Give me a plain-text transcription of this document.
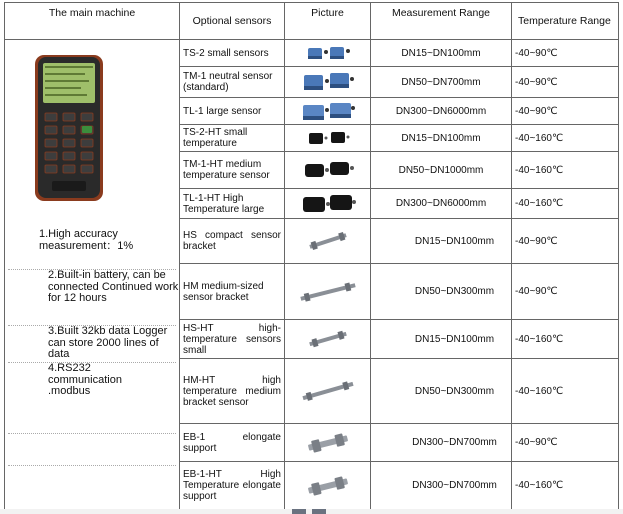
The main machine	Optional sensors	Picture	Measurement Range	Temperature Range

1.High accuracy measurement：1%
2.Built-in battery, can be connected Continued work for 12 hours
3.Built 32kb data Logger can store 2000 lines of data
4.RS232 communication .modbus	TS-2 small sensors		DN15~DN100mm	-40~90℃
	TM-1 neutral sensor (standard)		DN50~DN700mm	-40~90℃
	TL-1 large sensor		DN300~DN6000mm	-40~90℃
	TS-2-HT small temperature		DN15~DN100mm	-40~160℃
	TM-1-HT medium temperature sensor		DN50~DN1000mm	-40~160℃
	TL-1-HT High Temperature large		DN300~DN6000mm	-40~160℃
	HS compact sensor bracket		DN15~DN100mm	-40~90℃
	HM medium-sized sensor bracket		DN50~DN300mm	-40~90℃
	HS-HT high-temperature sensors small		DN15~DN100mm	-40~160℃
	HM-HT high temperature medium bracket sensor		DN50~DN300mm	-40~160℃
	EB-1 elongate support		DN300~DN700mm	-40~90℃
	EB-1-HT High Temperature elongate support		DN300~DN700mm	-40~160℃
